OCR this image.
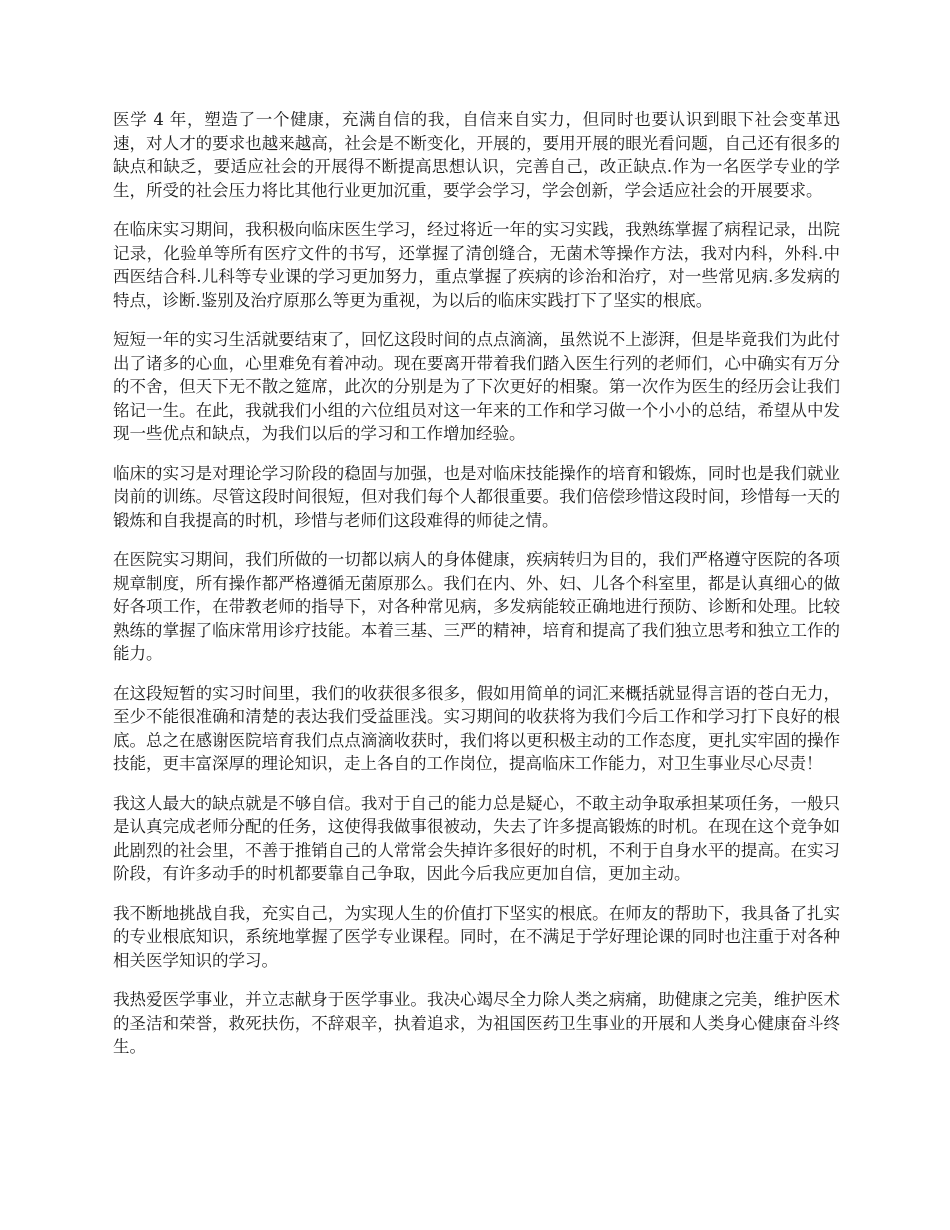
医学 4 年，塑造了一个健康，充满自信的我，自信来自实力，但同时也要认识到眼下社会变革迅速，对人才的要求也越来越高，社会是不断变化，开展的，要用开展的眼光看问题，自己还有很多的缺点和缺乏，要适应社会的开展得不断提高思想认识，完善自己，改正缺点.作为一名医学专业的学生，所受的社会压力将比其他行业更加沉重，要学会学习，学会创新，学会适应社会的开展要求。

在临床实习期间，我积极向临床医生学习，经过将近一年的实习实践，我熟练掌握了病程记录，出院记录，化验单等所有医疗文件的书写，还掌握了清创缝合，无菌术等操作方法，我对内科，外科.中西医结合科.儿科等专业课的学习更加努力，重点掌握了疾病的诊治和治疗，对一些常见病.多发病的特点，诊断.鉴别及治疗原那么等更为重视，为以后的临床实践打下了坚实的根底。

短短一年的实习生活就要结束了，回忆这段时间的点点滴滴，虽然说不上澎湃，但是毕竟我们为此付出了诸多的心血，心里难免有着冲动。现在要离开带着我们踏入医生行列的老师们，心中确实有万分的不舍，但天下无不散之筵席，此次的分别是为了下次更好的相聚。第一次作为医生的经历会让我们铭记一生。在此，我就我们小组的六位组员对这一年来的工作和学习做一个小小的总结，希望从中发现一些优点和缺点，为我们以后的学习和工作增加经验。

临床的实习是对理论学习阶段的稳固与加强，也是对临床技能操作的培育和锻炼，同时也是我们就业岗前的训练。尽管这段时间很短，但对我们每个人都很重要。我们倍偿珍惜这段时间，珍惜每一天的锻炼和自我提高的时机，珍惜与老师们这段难得的师徒之情。

在医院实习期间，我们所做的一切都以病人的身体健康，疾病转归为目的，我们严格遵守医院的各项规章制度，所有操作都严格遵循无菌原那么。我们在内、外、妇、儿各个科室里，都是认真细心的做好各项工作，在带教老师的指导下，对各种常见病，多发病能较正确地进行预防、诊断和处理。比较熟练的掌握了临床常用诊疗技能。本着三基、三严的精神，培育和提高了我们独立思考和独立工作的能力。

在这段短暂的实习时间里，我们的收获很多很多，假如用简单的词汇来概括就显得言语的苍白无力，至少不能很准确和清楚的表达我们受益匪浅。实习期间的收获将为我们今后工作和学习打下良好的根底。总之在感谢医院培育我们点点滴滴收获时，我们将以更积极主动的工作态度，更扎实牢固的操作技能，更丰富深厚的理论知识，走上各自的工作岗位，提高临床工作能力，对卫生事业尽心尽责！

我这人最大的缺点就是不够自信。我对于自己的能力总是疑心，不敢主动争取承担某项任务，一般只是认真完成老师分配的任务，这使得我做事很被动，失去了许多提高锻炼的时机。在现在这个竞争如此剧烈的社会里，不善于推销自己的人常常会失掉许多很好的时机，不利于自身水平的提高。在实习阶段，有许多动手的时机都要靠自己争取，因此今后我应更加自信，更加主动。

我不断地挑战自我，充实自己，为实现人生的价值打下坚实的根底。在师友的帮助下，我具备了扎实的专业根底知识，系统地掌握了医学专业课程。同时，在不满足于学好理论课的同时也注重于对各种相关医学知识的学习。

我热爱医学事业，并立志献身于医学事业。我决心竭尽全力除人类之病痛，助健康之完美，维护医术的圣洁和荣誉，救死扶伤，不辞艰辛，执着追求，为祖国医药卫生事业的开展和人类身心健康奋斗终生。
